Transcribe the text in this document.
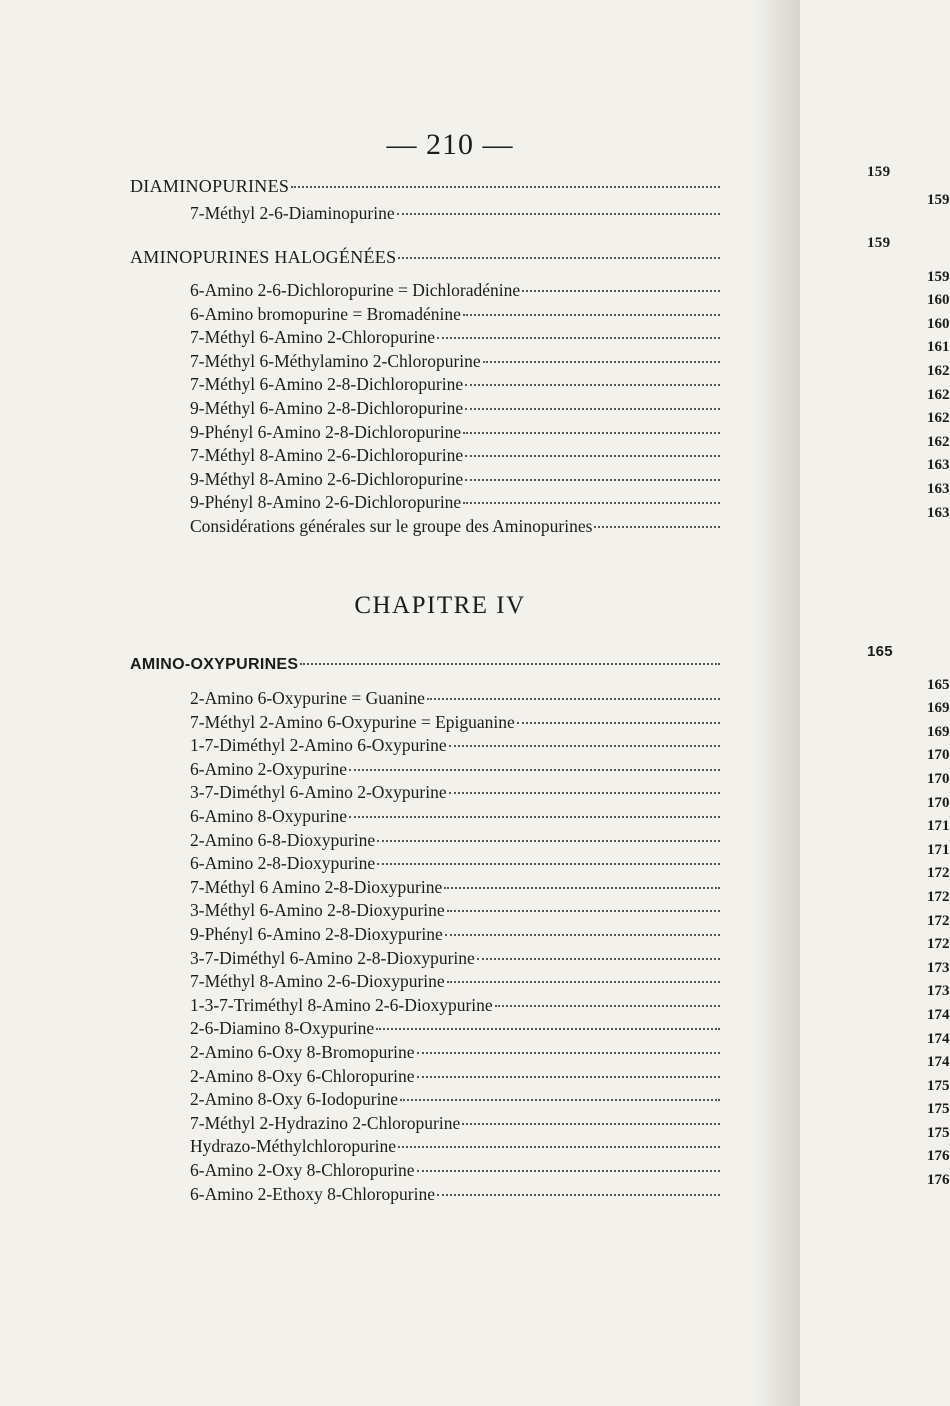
— 210 —
DIAMINOPURINES
159
7-Méthyl 2-6-Diaminopurine
159
AMINOPURINES HALOGÉNÉES
159
6-Amino 2-6-Dichloropurine = Dichloradénine
159
6-Amino bromopurine = Bromadénine
160
7-Méthyl 6-Amino 2-Chloropurine
160
7-Méthyl 6-Méthylamino 2-Chloropurine
161
7-Méthyl 6-Amino 2-8-Dichloropurine
162
9-Méthyl 6-Amino 2-8-Dichloropurine
162
9-Phényl 6-Amino 2-8-Dichloropurine
162
7-Méthyl 8-Amino 2-6-Dichloropurine
162
9-Méthyl 8-Amino 2-6-Dichloropurine
163
9-Phényl 8-Amino 2-6-Dichloropurine
163
Considérations générales sur le groupe des Aminopurines
163
CHAPITRE IV
AMINO-OXYPURINES
165
2-Amino 6-Oxypurine = Guanine
165
7-Méthyl 2-Amino 6-Oxypurine = Epiguanine
169
1-7-Diméthyl 2-Amino 6-Oxypurine
169
6-Amino 2-Oxypurine
170
3-7-Diméthyl 6-Amino 2-Oxypurine
170
6-Amino 8-Oxypurine
170
2-Amino 6-8-Dioxypurine
171
6-Amino 2-8-Dioxypurine
171
7-Méthyl 6 Amino 2-8-Dioxypurine
172
3-Méthyl 6-Amino 2-8-Dioxypurine
172
9-Phényl 6-Amino 2-8-Dioxypurine
172
3-7-Diméthyl 6-Amino 2-8-Dioxypurine
172
7-Méthyl 8-Amino 2-6-Dioxypurine
173
1-3-7-Triméthyl 8-Amino 2-6-Dioxypurine
173
2-6-Diamino 8-Oxypurine
174
2-Amino 6-Oxy 8-Bromopurine
174
2-Amino 8-Oxy 6-Chloropurine
174
2-Amino 8-Oxy 6-Iodopurine
175
7-Méthyl 2-Hydrazino 2-Chloropurine
175
Hydrazo-Méthylchloropurine
175
6-Amino 2-Oxy 8-Chloropurine
176
6-Amino 2-Ethoxy 8-Chloropurine
176
